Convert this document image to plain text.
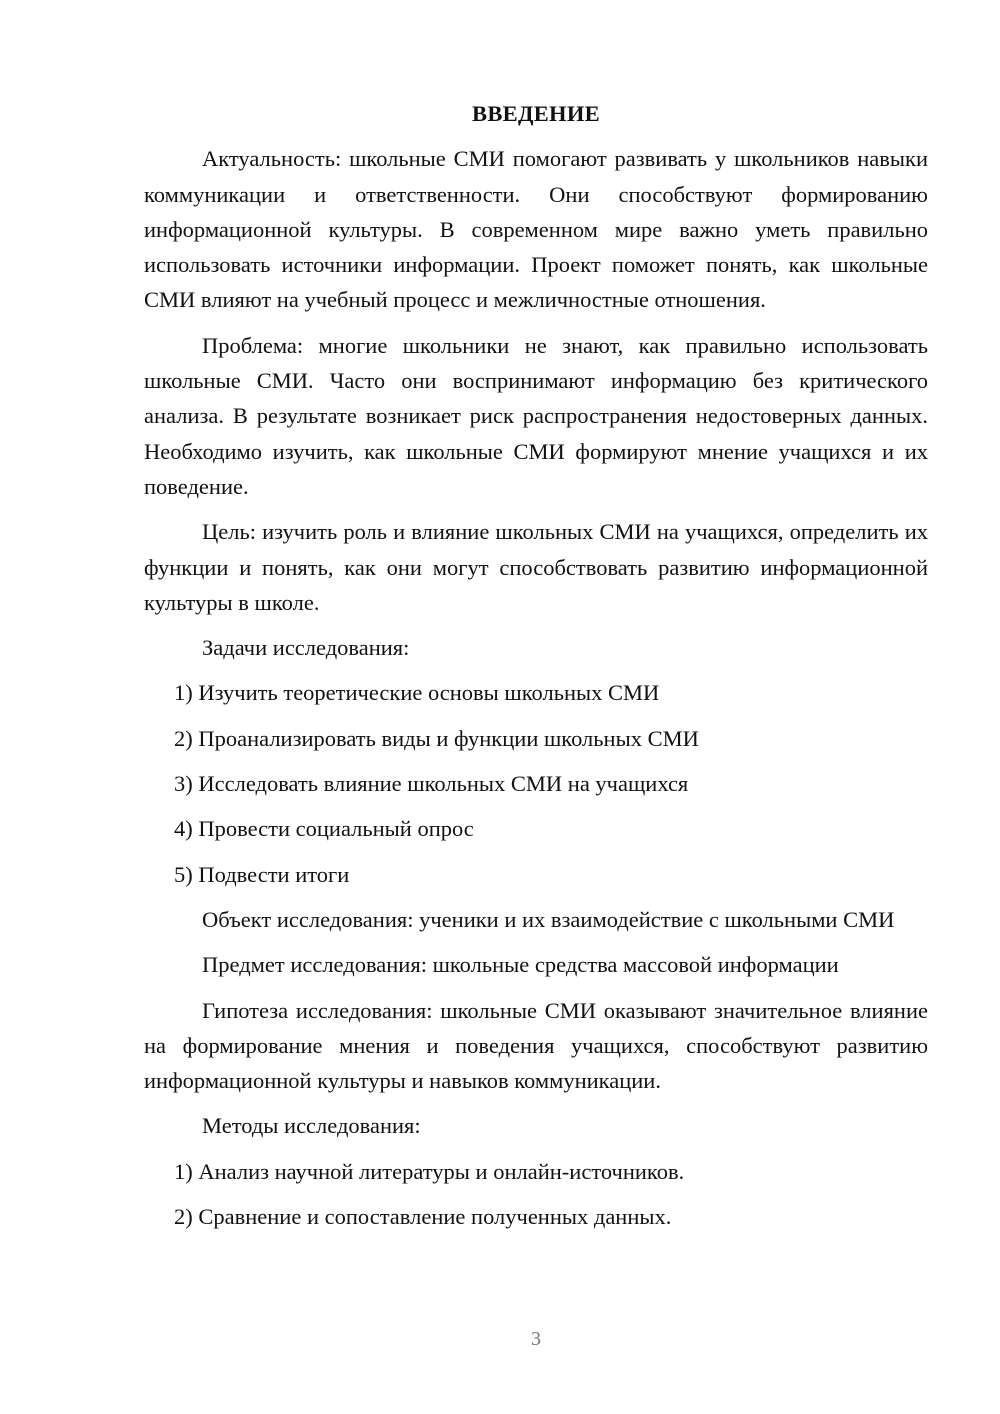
ВВЕДЕНИЕ
Актуальность: школьные СМИ помогают развивать у школьников навыки коммуникации и ответственности. Они способствуют формированию информационной культуры. В современном мире важно уметь правильно использовать источники информации. Проект поможет понять, как школьные СМИ влияют на учебный процесс и межличностные отношения.
Проблема: многие школьники не знают, как правильно использовать школьные СМИ. Часто они воспринимают информацию без критического анализа. В результате возникает риск распространения недостоверных данных. Необходимо изучить, как школьные СМИ формируют мнение учащихся и их поведение.
Цель: изучить роль и влияние школьных СМИ на учащихся, определить их функции и понять, как они могут способствовать развитию информационной культуры в школе.
Задачи исследования:
1) Изучить теоретические основы школьных СМИ
2) Проанализировать виды и функции школьных СМИ
3) Исследовать влияние школьных СМИ на учащихся
4) Провести социальный опрос
5) Подвести итоги
Объект исследования: ученики и их взаимодействие с школьными СМИ
Предмет исследования: школьные средства массовой информации
Гипотеза исследования: школьные СМИ оказывают значительное влияние на формирование мнения и поведения учащихся, способствуют развитию информационной культуры и навыков коммуникации.
Методы исследования:
1) Анализ научной литературы и онлайн-источников.
2) Сравнение и сопоставление полученных данных.
3
